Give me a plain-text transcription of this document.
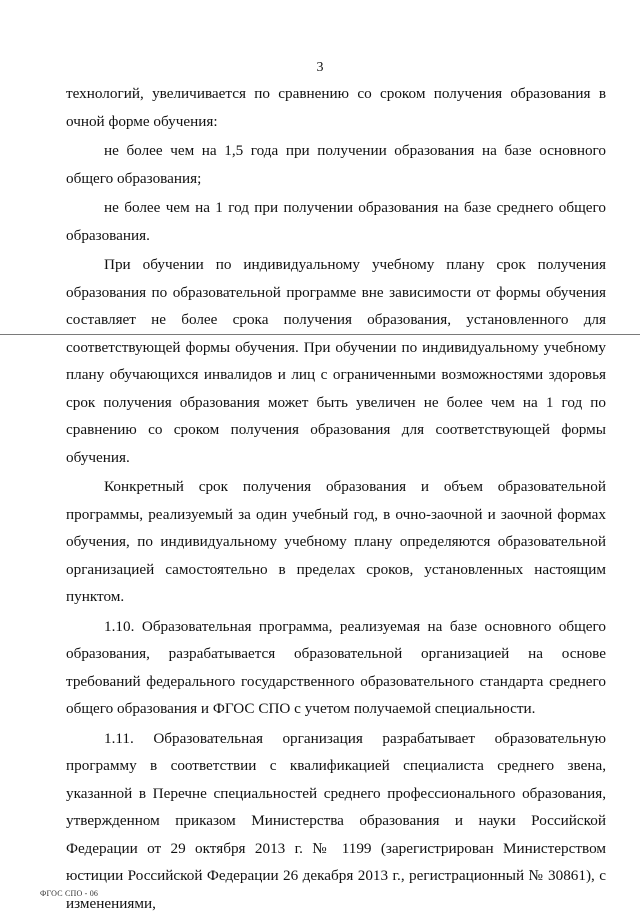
3

технологий, увеличивается по сравнению со сроком получения образования в очной форме обучения:

не более чем на 1,5 года при получении образования на базе основного общего образования;

не более чем на 1 год при получении образования на базе среднего общего образования.

При обучении по индивидуальному учебному плану срок получения образования по образовательной программе вне зависимости от формы обучения составляет не более срока получения образования, установленного для соответствующей формы обучения. При обучении по индивидуальному учебному плану обучающихся инвалидов и лиц с ограниченными возможностями здоровья срок получения образования может быть увеличен не более чем на 1 год по сравнению со сроком получения образования для соответствующей формы обучения.

Конкретный срок получения образования и объем образовательной программы, реализуемый за один учебный год, в очно-заочной и заочной формах обучения, по индивидуальному учебному плану определяются образовательной организацией самостоятельно в пределах сроков, установленных настоящим пунктом.

1.10. Образовательная программа, реализуемая на базе основного общего образования, разрабатывается образовательной организацией на основе требований федерального государственного образовательного стандарта среднего общего образования и ФГОС СПО с учетом получаемой специальности.

1.11. Образовательная организация разрабатывает образовательную программу в соответствии с квалификацией специалиста среднего звена, указанной в Перечне специальностей среднего профессионального образования, утвержденном приказом Министерства образования и науки Российской Федерации от 29 октября 2013 г. № 1199 (зарегистрирован Министерством юстиции Российской Федерации 26 декабря 2013 г., регистрационный № 30861), с изменениями,

ФГОС СПО - 06
